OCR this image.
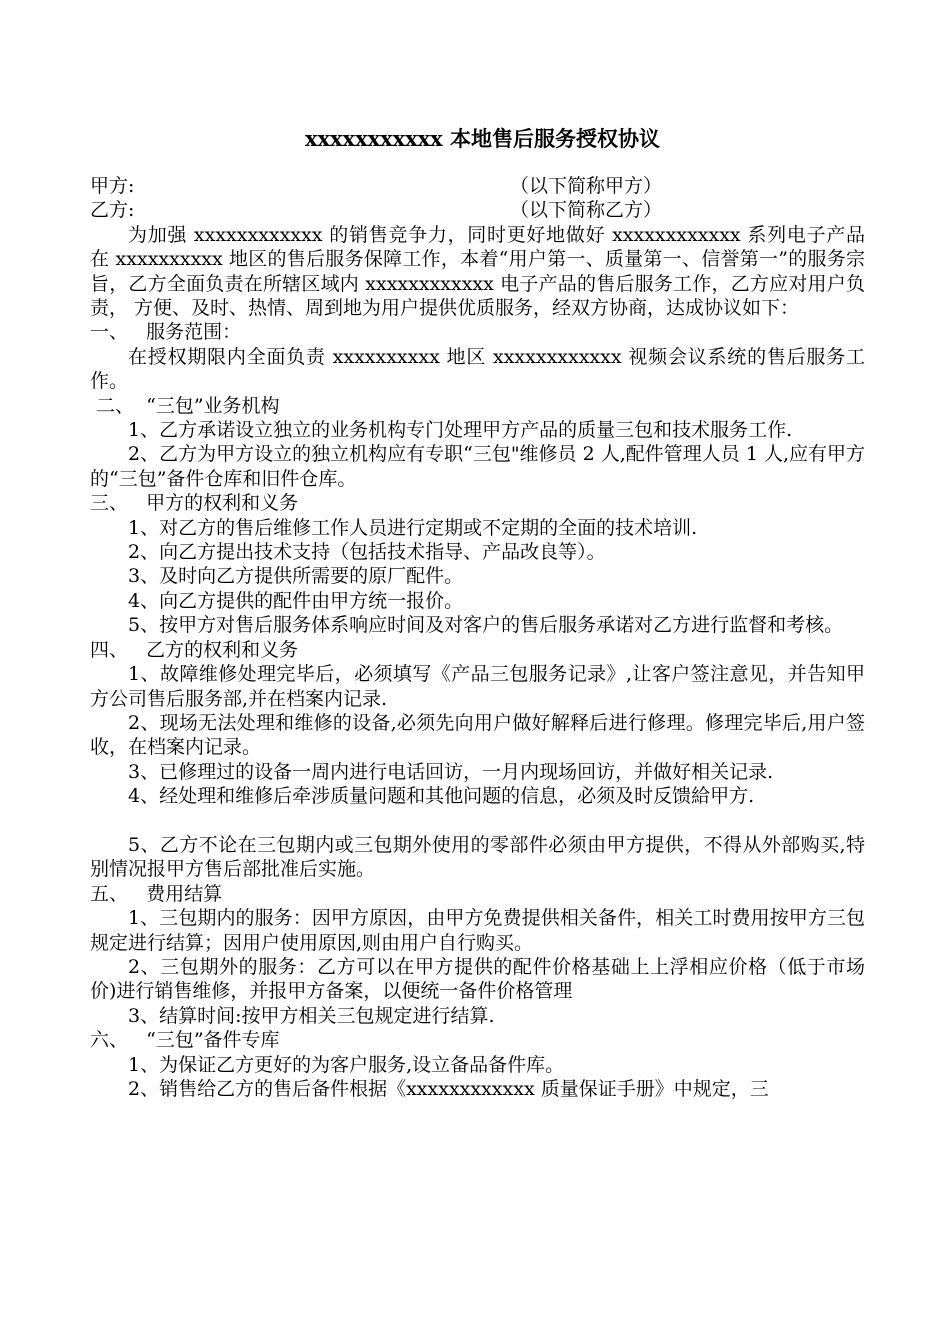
xxxxxxxxxxx 本地售后服务授权协议
甲方:	（以下简称甲方）
乙方:	（以下简称乙方）
为加强 xxxxxxxxxxxx 的销售竞争力，同时更好地做好 xxxxxxxxxxxx 系列电子产品在 xxxxxxxxxx 地区的售后服务保障工作，本着“用户第一、质量第一、信誉第一”的服务宗旨，乙方全面负责在所辖区域内 xxxxxxxxxxxx 电子产品的售后服务工作，乙方应对用户负责， 方便、及时、热情、周到地为用户提供优质服务，经双方协商，达成协议如下：
一、   服务范围：
在授权期限内全面负责 xxxxxxxxxx 地区 xxxxxxxxxxxx 视频会议系统的售后服务工作。
二、  “三包”业务机构
1、乙方承诺设立独立的业务机构专门处理甲方产品的质量三包和技术服务工作.
2、乙方为甲方设立的独立机构应有专职“三包"维修员 2 人,配件管理人员 1 人,应有甲方的“三包”备件仓库和旧件仓库。
三、   甲方的权利和义务
1、对乙方的售后维修工作人员进行定期或不定期的全面的技术培训.
2、向乙方提出技术支持（包括技术指导、产品改良等）。
3、及时向乙方提供所需要的原厂配件。
4、向乙方提供的配件由甲方统一报价。
5、按甲方对售后服务体系响应时间及对客户的售后服务承诺对乙方进行监督和考核。
四、   乙方的权利和义务
1、故障维修处理完毕后，必须填写《产品三包服务记录》,让客户签注意见，并告知甲方公司售后服务部,并在档案内记录.
2、现场无法处理和维修的设备,必须先向用户做好解释后进行修理。修理完毕后,用户签收，在档案内记录。
3、已修理过的设备一周内进行电话回访，一月内现场回访，并做好相关记录.
4、经处理和维修后牵涉质量问题和其他问题的信息，必须及时反馈給甲方.
5、乙方不论在三包期内或三包期外使用的零部件必须由甲方提供，不得从外部购买,特别情况报甲方售后部批准后实施。
五、   费用结算
1、三包期内的服务：因甲方原因，由甲方免费提供相关备件，相关工时费用按甲方三包规定进行结算；因用户使用原因,则由用户自行购买。
2、三包期外的服务：乙方可以在甲方提供的配件价格基础上上浮相应价格（低于市场价)进行销售维修，并报甲方备案，以便统一备件价格管理
3、结算时间:按甲方相关三包规定进行结算.
六、   “三包”备件专库
1、为保证乙方更好的为客户服务,设立备品备件库。
2、销售给乙方的售后备件根据《xxxxxxxxxxxx 质量保证手册》中规定，三
